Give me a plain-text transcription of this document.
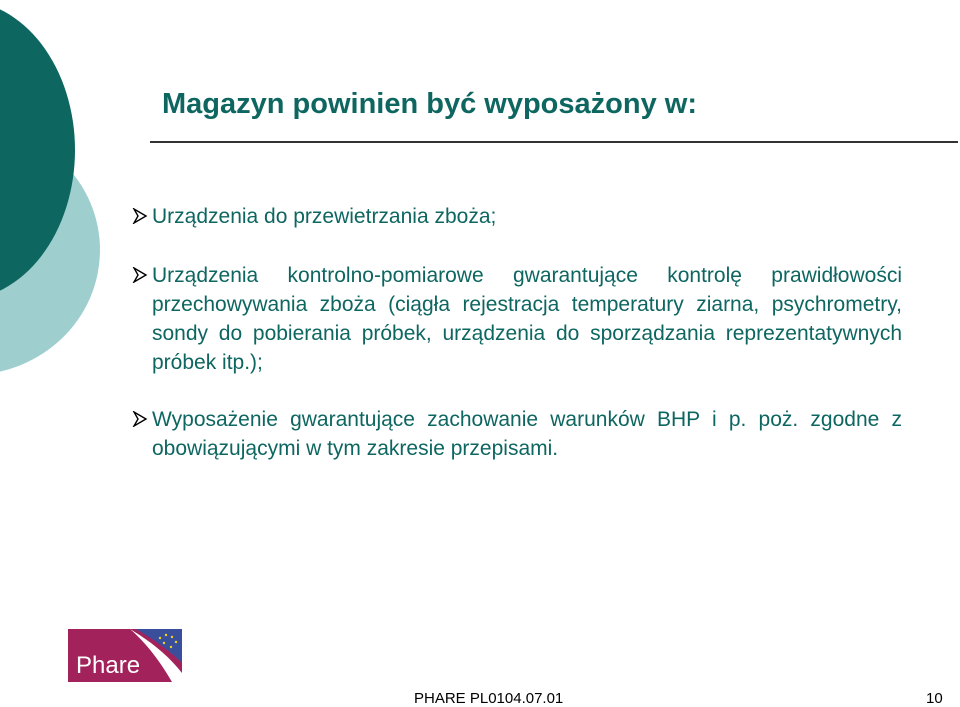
Magazyn powinien być wyposażony w:
Urządzenia do przewietrzania zboża;
Urządzenia kontrolno-pomiarowe gwarantujące kontrolę prawidłowości przechowywania zboża (ciągła rejestracja temperatury ziarna, psychrometry, sondy do pobierania próbek, urządzenia do sporządzania reprezentatywnych próbek itp.);
Wyposażenie gwarantujące zachowanie warunków BHP i p. poż. zgodne z obowiązującymi w tym zakresie przepisami.
Phare
PHARE PL0104.07.01	10
